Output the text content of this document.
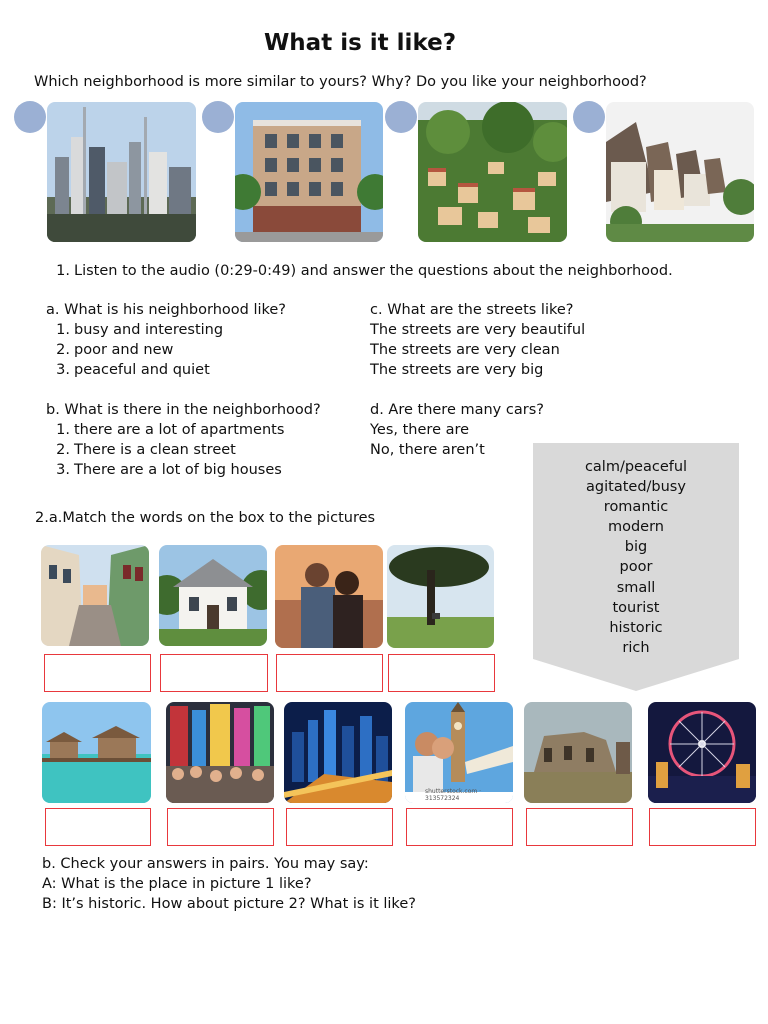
What is it like?
Which neighborhood is more similar to yours? Why? Do you like your neighborhood?
1. Listen to the audio (0:29-0:49) and answer the questions about the neighborhood.
a. What is his neighborhood like?
1. busy and interesting
2. poor and new
3. peaceful and quiet
b. What is there in the neighborhood?
1. there are a lot of apartments
2. There is a clean street
3. There are a lot of big houses
c. What are the streets like?
The streets are very beautiful
The streets are very clean
The streets are very big
d. Are there many cars?
Yes, there are
No, there aren’t
calm/peaceful
agitated/busy
romantic
modern
big
poor
small
tourist
historic
rich
2.a.Match the words on the box to the pictures
shutterstock.com · 313572324
b. Check your answers in pairs. You may say:
A: What is the place in picture 1 like?
B: It’s historic. How about picture 2? What is it like?
